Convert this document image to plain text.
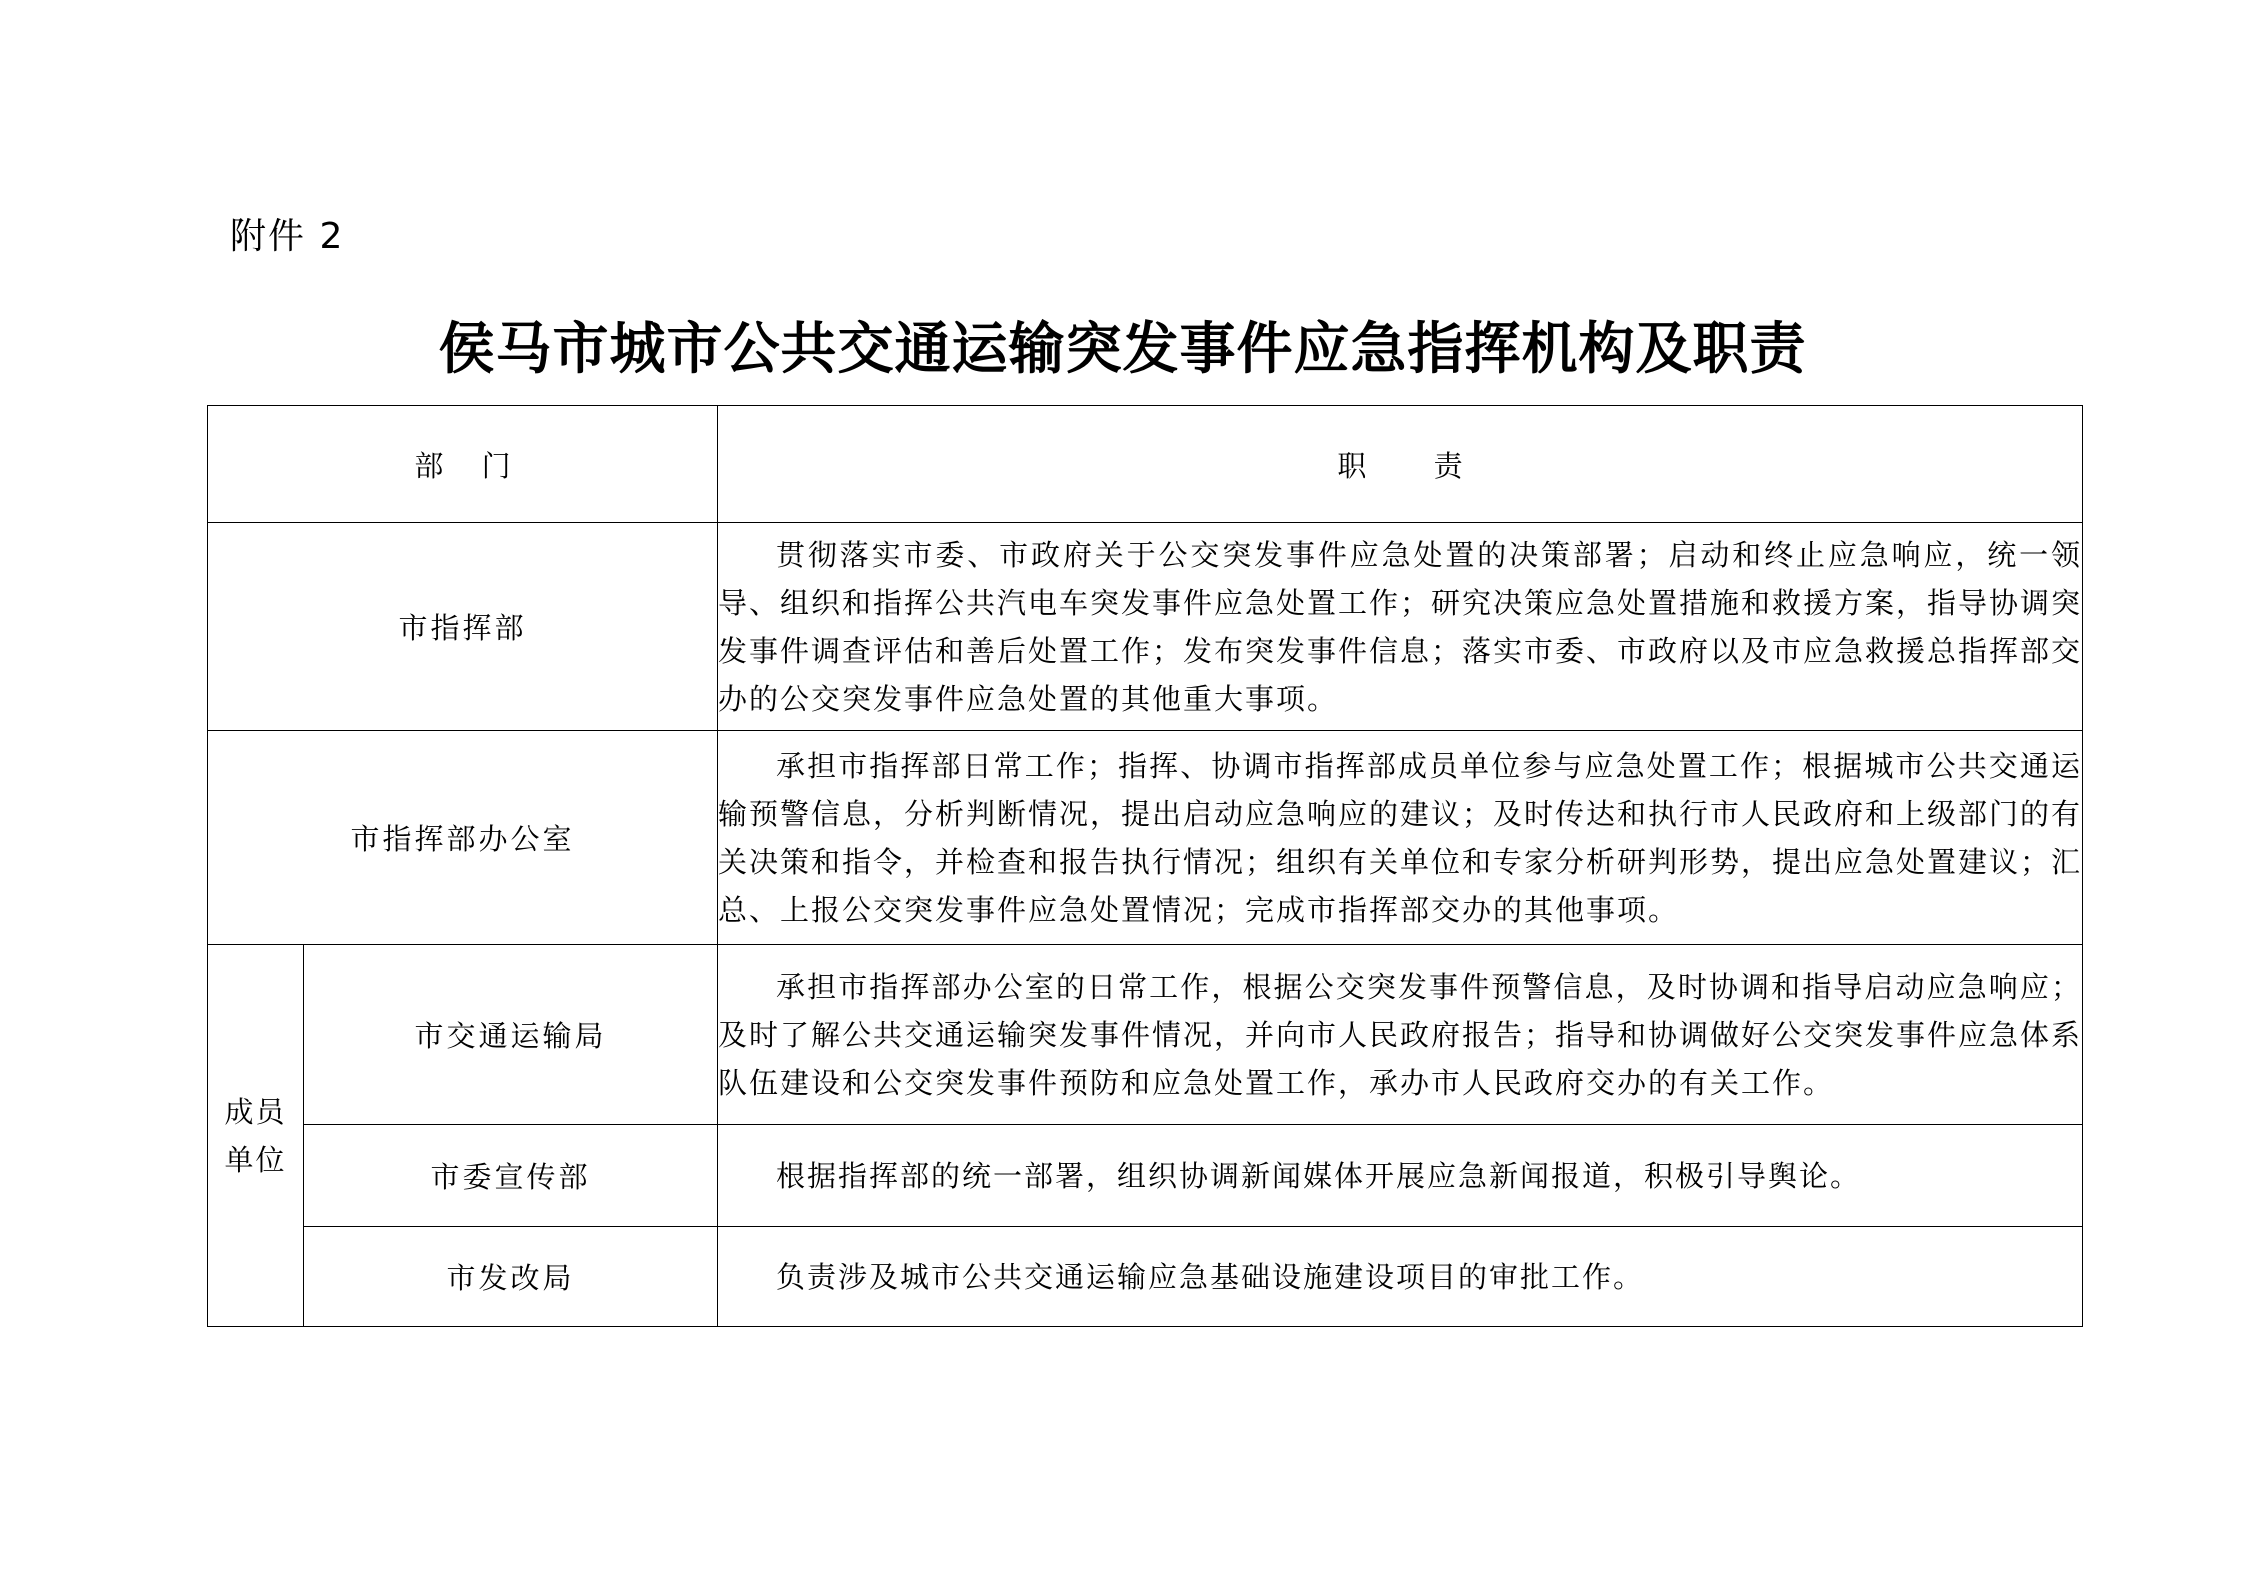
附件 2
侯马市城市公共交通运输突发事件应急指挥机构及职责
部　 门		职　　 责
市指挥部		贯彻落实市委、市政府关于公交突发事件应急处置的决策部署；启动和终止应急响应，统一领导、组织和指挥公共汽电车突发事件应急处置工作；研究决策应急处置措施和救援方案，指导协调突发事件调查评估和善后处置工作；发布突发事件信息；落实市委、市政府以及市应急救援总指挥部交办的公交突发事件应急处置的其他重大事项。
市指挥部办公室		承担市指挥部日常工作；指挥、协调市指挥部成员单位参与应急处置工作；根据城市公共交通运输预警信息，分析判断情况，提出启动应急响应的建议；及时传达和执行市人民政府和上级部门的有关决策和指令，并检查和报告执行情况；组织有关单位和专家分析研判形势，提出应急处置建议；汇总、上报公交突发事件应急处置情况；完成市指挥部交办的其他事项。

成员
单位	市交通运输局	承担市指挥部办公室的日常工作，根据公交突发事件预警信息，及时协调和指导启动应急响应；及时了解公共交通运输突发事件情况，并向市人民政府报告；指导和协调做好公交突发事件应急体系队伍建设和公交突发事件预防和应急处置工作，承办市人民政府交办的有关工作。
	市委宣传部	根据指挥部的统一部署，组织协调新闻媒体开展应急新闻报道，积极引导舆论。
	市发改局	负责涉及城市公共交通运输应急基础设施建设项目的审批工作。
